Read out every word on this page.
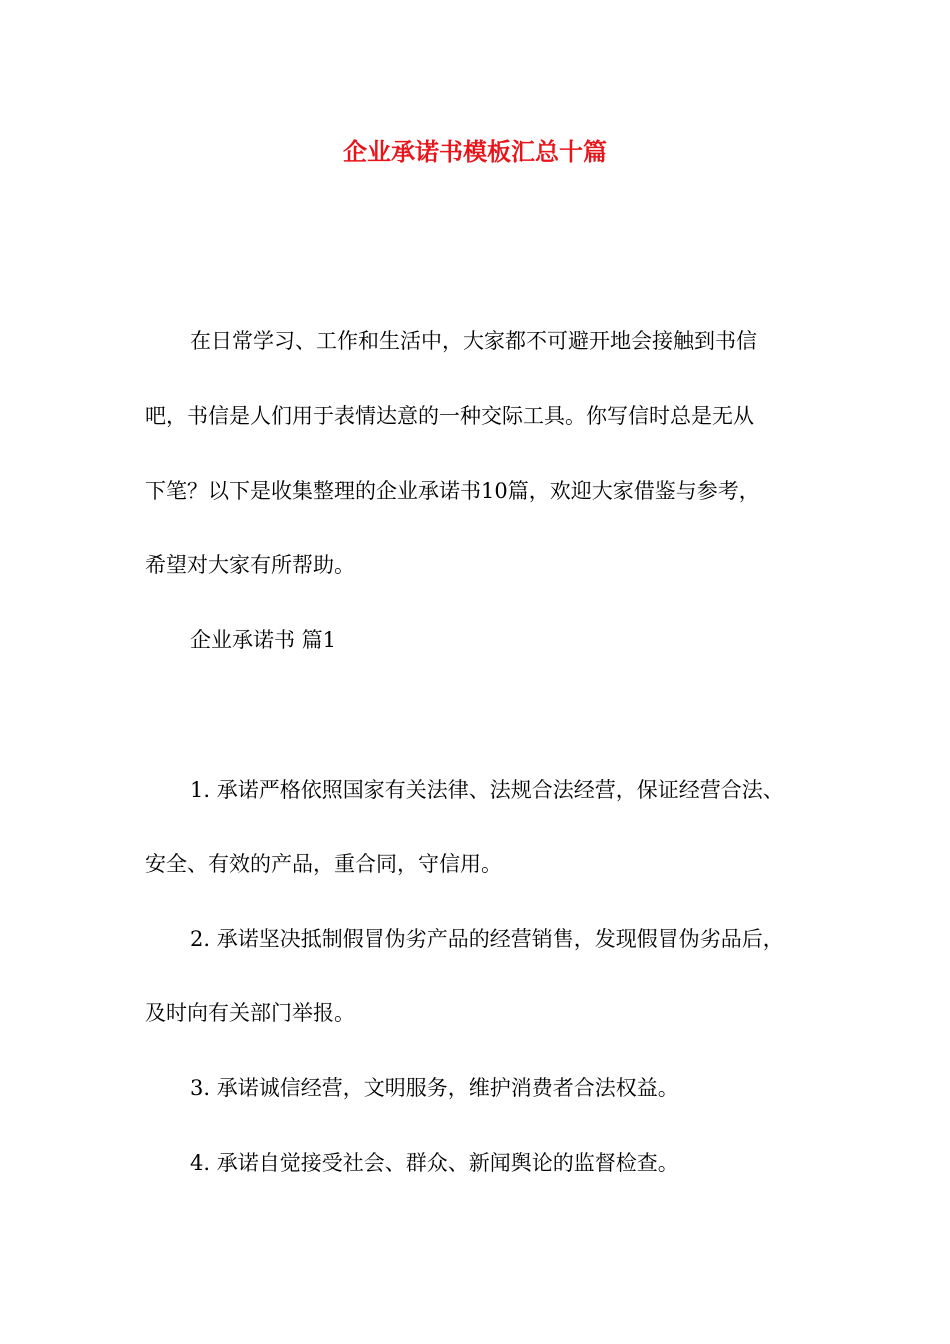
企业承诺书模板汇总十篇
在日常学习、工作和生活中，大家都不可避开地会接触到书信
吧，书信是人们用于表情达意的一种交际工具。你写信时总是无从
下笔？以下是收集整理的企业承诺书10篇，欢迎大家借鉴与参考，
希望对大家有所帮助。
企业承诺书 篇1
1. 承诺严格依照国家有关法律、法规合法经营，保证经营合法、
安全、有效的产品，重合同，守信用。
2. 承诺坚决抵制假冒伪劣产品的经营销售，发现假冒伪劣品后，
及时向有关部门举报。
3. 承诺诚信经营，文明服务，维护消费者合法权益。
4. 承诺自觉接受社会、群众、新闻舆论的监督检查。
